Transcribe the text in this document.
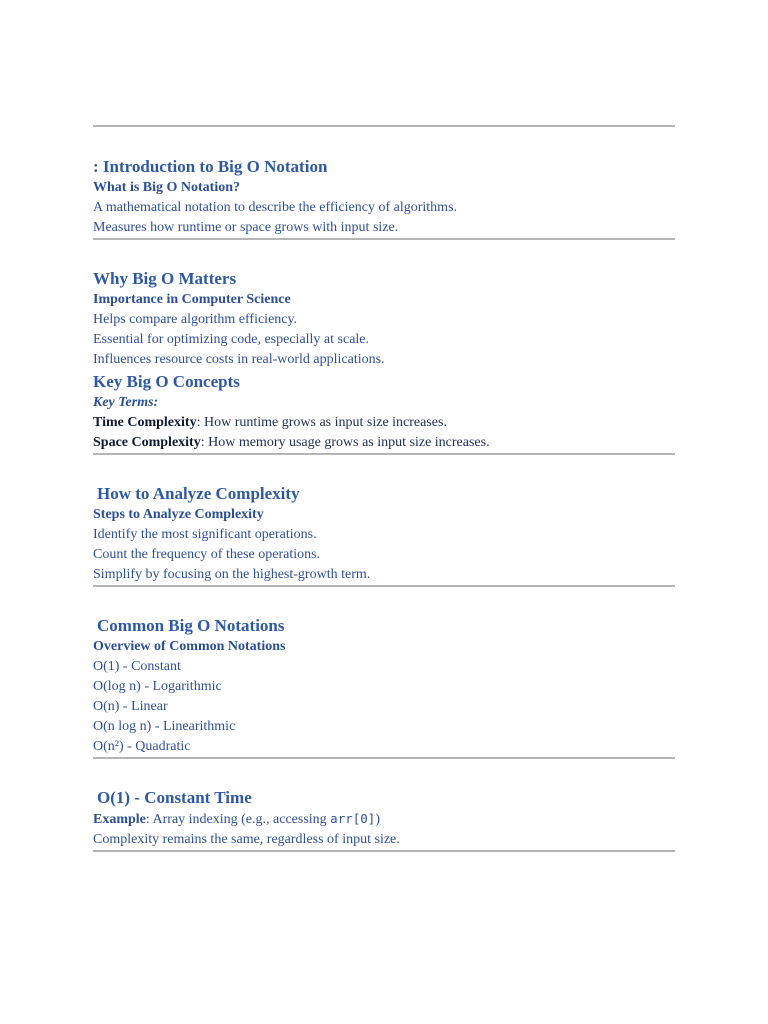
: Introduction to Big O Notation
What is Big O Notation?

A mathematical notation to describe the efficiency of algorithms.

Measures how runtime or space grows with input size.

Why Big O Matters
Importance in Computer Science

Helps compare algorithm efficiency.

Essential for optimizing code, especially at scale.

Influences resource costs in real-world applications.

Key Big O Concepts
Key Terms:

Time Complexity: How runtime grows as input size increases.

Space Complexity: How memory usage grows as input size increases.

How to Analyze Complexity
Steps to Analyze Complexity

Identify the most significant operations.

Count the frequency of these operations.

Simplify by focusing on the highest-growth term.

Common Big O Notations
Overview of Common Notations

O(1) - Constant

O(log n) - Logarithmic

O(n) - Linear

O(n log n) - Linearithmic

O(n²) - Quadratic

O(1) - Constant Time

Example: Array indexing (e.g., accessing arr[0])

Complexity remains the same, regardless of input size.
